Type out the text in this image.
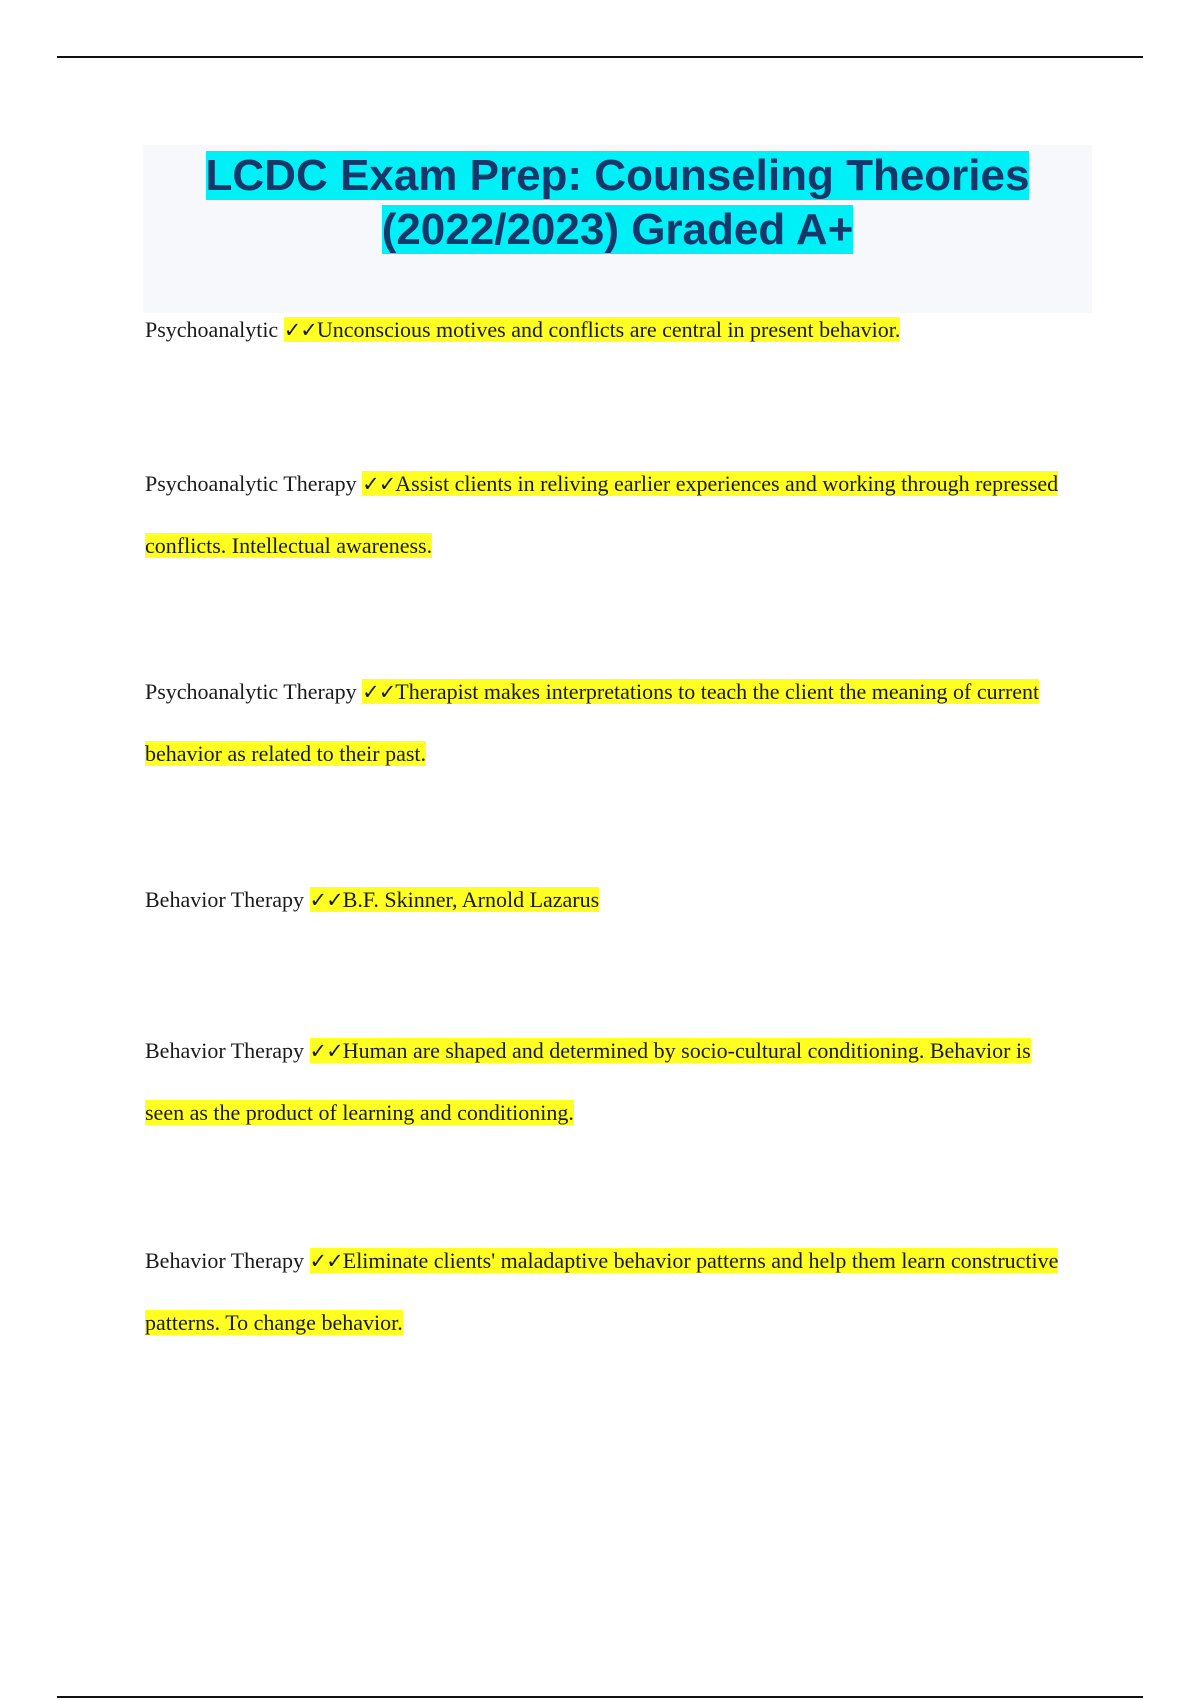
LCDC Exam Prep: Counseling Theories
(2022/2023) Graded A+

Psychoanalytic ✓✓Unconscious motives and conflicts are central in present behavior.

Psychoanalytic Therapy ✓✓Assist clients in reliving earlier experiences and working through repressed conflicts. Intellectual awareness.

Psychoanalytic Therapy ✓✓Therapist makes interpretations to teach the client the meaning of current behavior as related to their past.

Behavior Therapy ✓✓B.F. Skinner, Arnold Lazarus

Behavior Therapy ✓✓Human are shaped and determined by socio-cultural conditioning. Behavior is seen as the product of learning and conditioning.

Behavior Therapy ✓✓Eliminate clients' maladaptive behavior patterns and help them learn constructive patterns. To change behavior.
